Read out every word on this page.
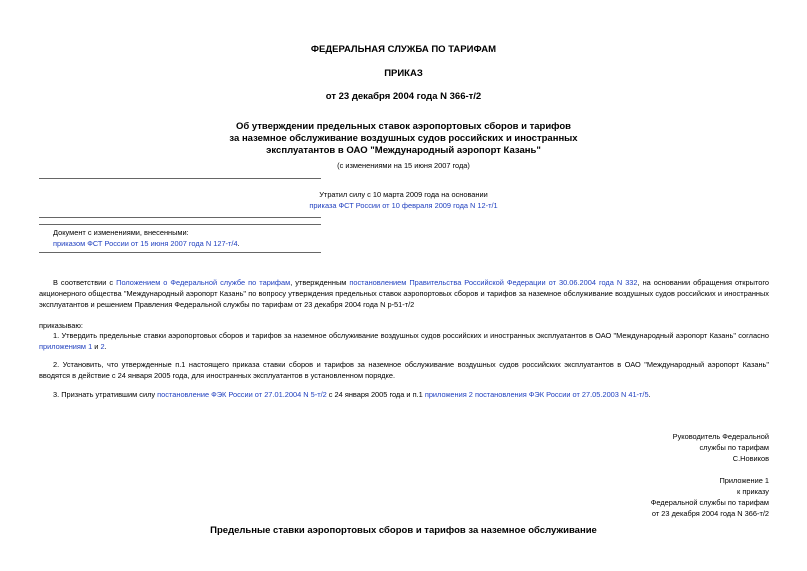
ФЕДЕРАЛЬНАЯ СЛУЖБА ПО ТАРИФАМ
ПРИКАЗ
от 23 декабря 2004 года N 366-т/2
Об утверждении предельных ставок аэропортовых сборов и тарифов
за наземное обслуживание воздушных судов российских и иностранных
эксплуатантов в ОАО "Международный аэропорт Казань"
(с изменениями на 15 июня 2007 года)
Утратил силу с 10 марта 2009 года на основании
приказа ФСТ России от 10 февраля 2009 года N 12-т/1
Документ с изменениями, внесенными:
приказом ФСТ России от 15 июня 2007 года N 127-т/4.
В соответствии с Положением о Федеральной службе по тарифам, утвержденным постановлением Правительства Российской Федерации от 30.06.2004 года N 332, на основании обращения открытого акционерного общества "Международный аэропорт Казань" по вопросу утверждения предельных ставок аэропортовых сборов и тарифов за наземное обслуживание воздушных судов российских и иностранных эксплуатантов и решением Правления Федеральной службы по тарифам от 23 декабря 2004 года N р-51-т/2
приказываю:
1. Утвердить предельные ставки аэропортовых сборов и тарифов за наземное обслуживание воздушных судов российских и иностранных эксплуатантов в ОАО "Международный аэропорт Казань" согласно приложениям 1 и 2.
2. Установить, что утвержденные п.1 настоящего приказа ставки сборов и тарифов за наземное обслуживание воздушных судов российских эксплуатантов в ОАО "Международный аэропорт Казань" вводятся в действие с 24 января 2005 года, для иностранных эксплуатантов в установленном порядке.
3. Признать утратившим силу постановление ФЭК России от 27.01.2004 N 5-т/2 с 24 января 2005 года и п.1 приложения 2 постановления ФЭК России от 27.05.2003 N 41-т/5.
Руководитель Федеральной
службы по тарифам
С.Новиков
Приложение 1
к приказу
Федеральной службы по тарифам
от 23 декабря 2004 года N 366-т/2
Предельные ставки аэропортовых сборов и тарифов за наземное обслуживание
